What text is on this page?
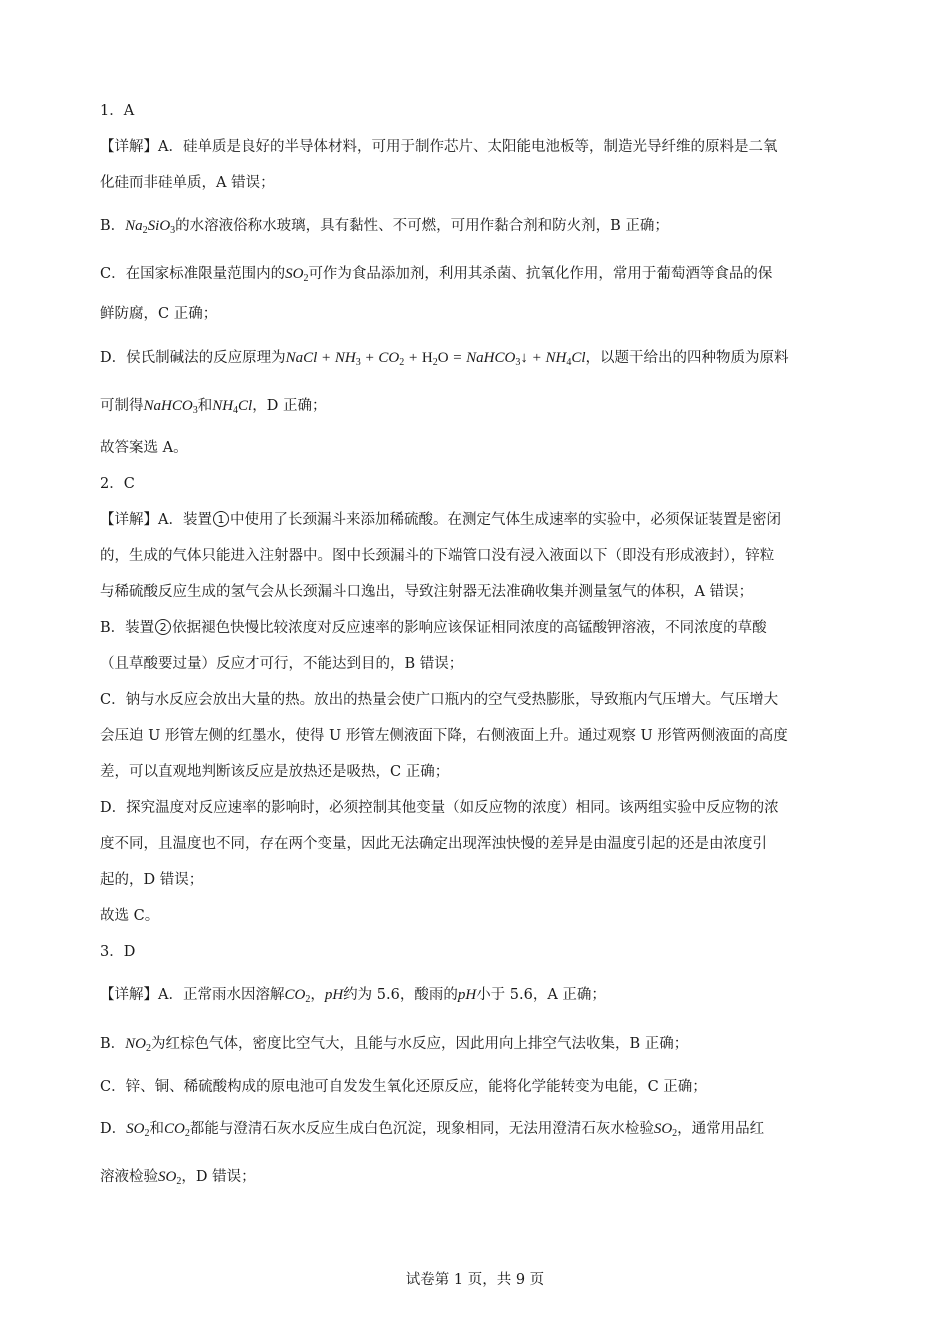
1．A
【详解】A．硅单质是良好的半导体材料，可用于制作芯片、太阳能电池板等，制造光导纤维的原料是二氧
化硅而非硅单质，A 错误；
B．$Na_2SiO_3$的水溶液俗称水玻璃，具有黏性、不可燃，可用作黏合剂和防火剂，B 正确；
C．在国家标准限量范围内的$SO_2$可作为食品添加剂，利用其杀菌、抗氧化作用，常用于葡萄酒等食品的保
鲜防腐，C 正确；
D．侯氏制碱法的反应原理为NaCl + $NH_3 + CO_2 + H_2O$ = NaHCO$_3$↓ + $NH_4Cl$，以题干给出的四种物质为原料
可制得NaHCO$_3$和$NH_4Cl$，D 正确；
故答案选 A。
2．C
【详解】A．装置 1 中使用了长颈漏斗来添加稀硫酸。在测定气体生成速率的实验中，必须保证装置是密闭
的，生成的气体只能进入注射器中。图中长颈漏斗的下端管口没有浸入液面以下（即没有形成液封），锌粒
与稀硫酸反应生成的氢气会从长颈漏斗口逸出，导致注射器无法准确收集并测量氢气的体积，A 错误；
B．装置 2 依据褪色快慢比较浓度对反应速率的影响应该保证相同浓度的高锰酸钾溶液，不同浓度的草酸
（且草酸要过量）反应才可行，不能达到目的，B 错误；
C．钠与水反应会放出大量的热。放出的热量会使广口瓶内的空气受热膨胀，导致瓶内气压增大。气压增大
会压迫 U 形管左侧的红墨水，使得 U 形管左侧液面下降，右侧液面上升。通过观察 U 形管两侧液面的高度
差，可以直观地判断该反应是放热还是吸热，C 正确；
D．探究温度对反应速率的影响时，必须控制其他变量（如反应物的浓度）相同。该两组实验中反应物的浓
度不同，且温度也不同，存在两个变量，因此无法确定出现浑浊快慢的差异是由温度引起的还是由浓度引
起的，D 错误；
故选 C。
3．D
【详解】A．正常雨水因溶解$CO_2$，pH约为 5.6，酸雨的pH小于 5.6，A 正确；
B．$NO_2$为红棕色气体，密度比空气大，且能与水反应，因此用向上排空气法收集，B 正确；
C．锌、铜、稀硫酸构成的原电池可自发发生氧化还原反应，能将化学能转变为电能，C 正确；
D．$SO_2$和$CO_2$都能与澄清石灰水反应生成白色沉淀，现象相同，无法用澄清石灰水检验$SO_2$，通常用品红
溶液检验$SO_2$，D 错误；
试卷第 1 页，共 9 页
